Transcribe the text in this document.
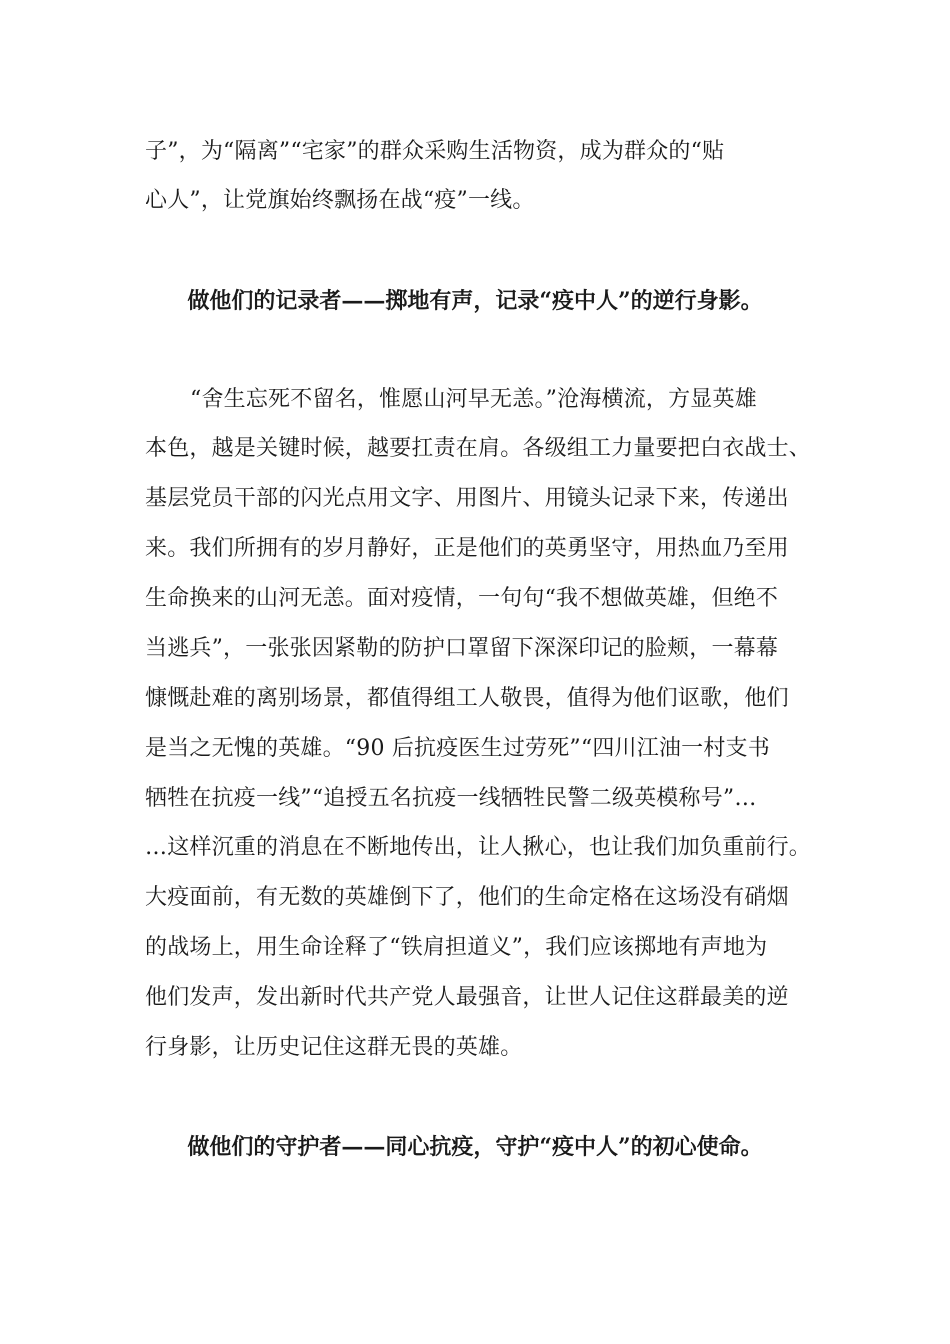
子”，为“隔离”“宅家”的群众采购生活物资，成为群众的“贴
心人”，让党旗始终飘扬在战“疫”一线。
做他们的记录者——掷地有声，记录“疫中人”的逆行身影。
“舍生忘死不留名，惟愿山河早无恙。”沧海横流，方显英雄
本色，越是关键时候，越要扛责在肩。各级组工力量要把白衣战士、
基层党员干部的闪光点用文字、用图片、用镜头记录下来，传递出
来。我们所拥有的岁月静好，正是他们的英勇坚守，用热血乃至用
生命换来的山河无恙。面对疫情，一句句“我不想做英雄，但绝不
当逃兵”，一张张因紧勒的防护口罩留下深深印记的脸颊，一幕幕
慷慨赴难的离别场景，都值得组工人敬畏，值得为他们讴歌，他们
是当之无愧的英雄。“90 后抗疫医生过劳死”“四川江油一村支书
牺牲在抗疫一线”“追授五名抗疫一线牺牲民警二级英模称号”…
…这样沉重的消息在不断地传出，让人揪心，也让我们加负重前行。
大疫面前，有无数的英雄倒下了，他们的生命定格在这场没有硝烟
的战场上，用生命诠释了“铁肩担道义”，我们应该掷地有声地为
他们发声，发出新时代共产党人最强音，让世人记住这群最美的逆
行身影，让历史记住这群无畏的英雄。
做他们的守护者——同心抗疫，守护“疫中人”的初心使命。
